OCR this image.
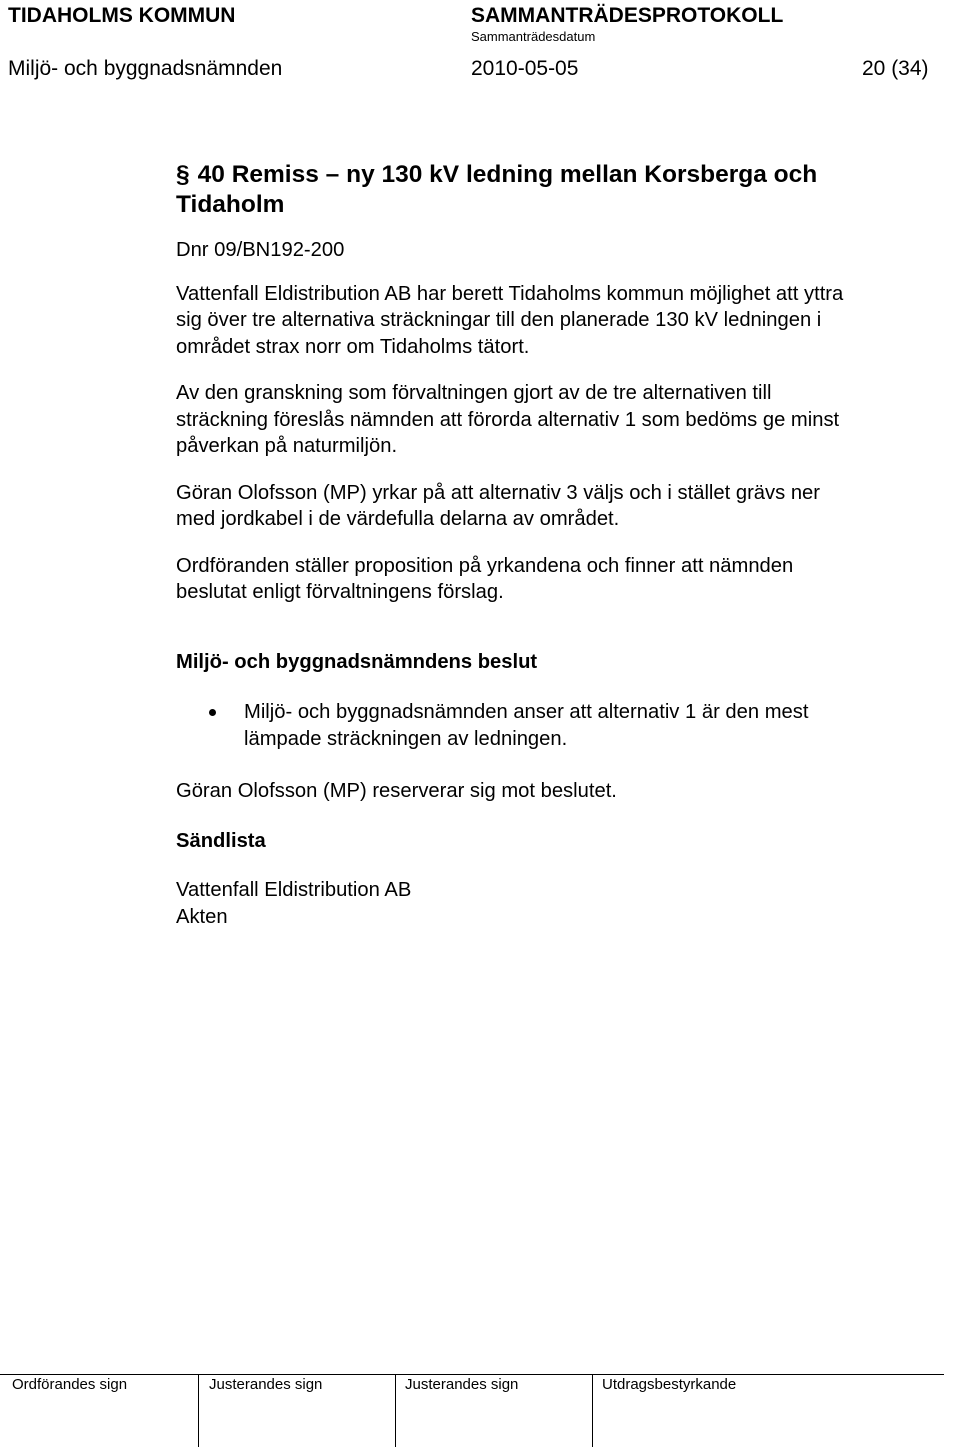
TIDAHOLMS KOMMUN	SAMMANTRÄDESPROTOKOLL
Sammanträdesdatum
Miljö- och byggnadsnämnden	2010-05-05	20 (34)
§ 40 Remiss – ny 130 kV ledning mellan Korsberga och
Tidaholm

Dnr 09/BN192-200

Vattenfall Eldistribution AB har berett Tidaholms kommun möjlighet att yttra
sig över tre alternativa sträckningar till den planerade 130 kV ledningen i
området strax norr om Tidaholms tätort.

Av den granskning som förvaltningen gjort av de tre alternativen till
sträckning föreslås nämnden att förorda alternativ 1 som bedöms ge minst
påverkan på naturmiljön.

Göran Olofsson (MP) yrkar på att alternativ 3 väljs och i stället grävs ner
med jordkabel i de värdefulla delarna av området.

Ordföranden ställer proposition på yrkandena och finner att nämnden
beslutat enligt förvaltningens förslag.

Miljö- och byggnadsnämndens beslut

Miljö- och byggnadsnämnden anser att alternativ 1 är den mest
lämpade sträckningen av ledningen.

Göran Olofsson (MP) reserverar sig mot beslutet.

Sändlista

Vattenfall Eldistribution AB
Akten

Ordförandes sign	Justerandes sign	Justerandes sign	Utdragsbestyrkande
